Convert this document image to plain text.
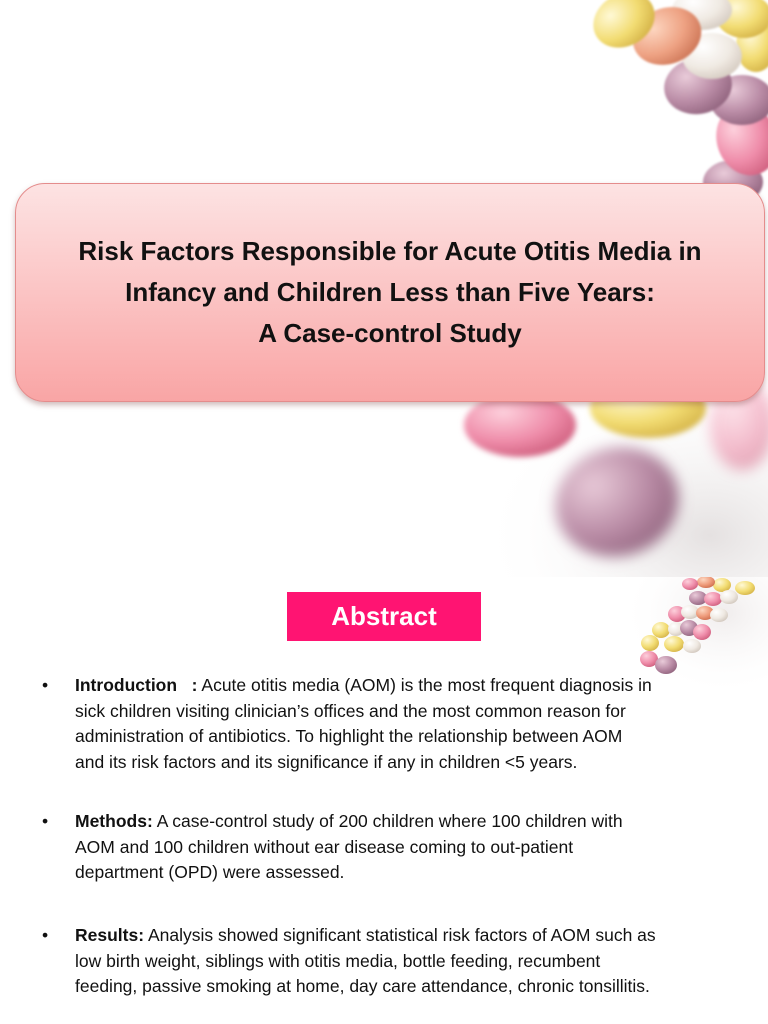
Risk Factors Responsible for Acute Otitis Media in
Infancy and Children Less than Five Years:
A Case-control Study
Abstract
• Introduction   : Acute otitis media (AOM) is the most frequent diagnosis in
sick children visiting clinician’s offices and the most common reason for
administration of antibiotics. To highlight the relationship between AOM
and its risk factors and its significance if any in children <5 years.
• Methods: A case-control study of 200 children where 100 children with
AOM and 100 children without ear disease coming to out-patient
department (OPD) were assessed.
• Results: Analysis showed significant statistical risk factors of AOM such as
low birth weight, siblings with otitis media, bottle feeding, recumbent
feeding, passive smoking at home, day care attendance, chronic tonsillitis.
